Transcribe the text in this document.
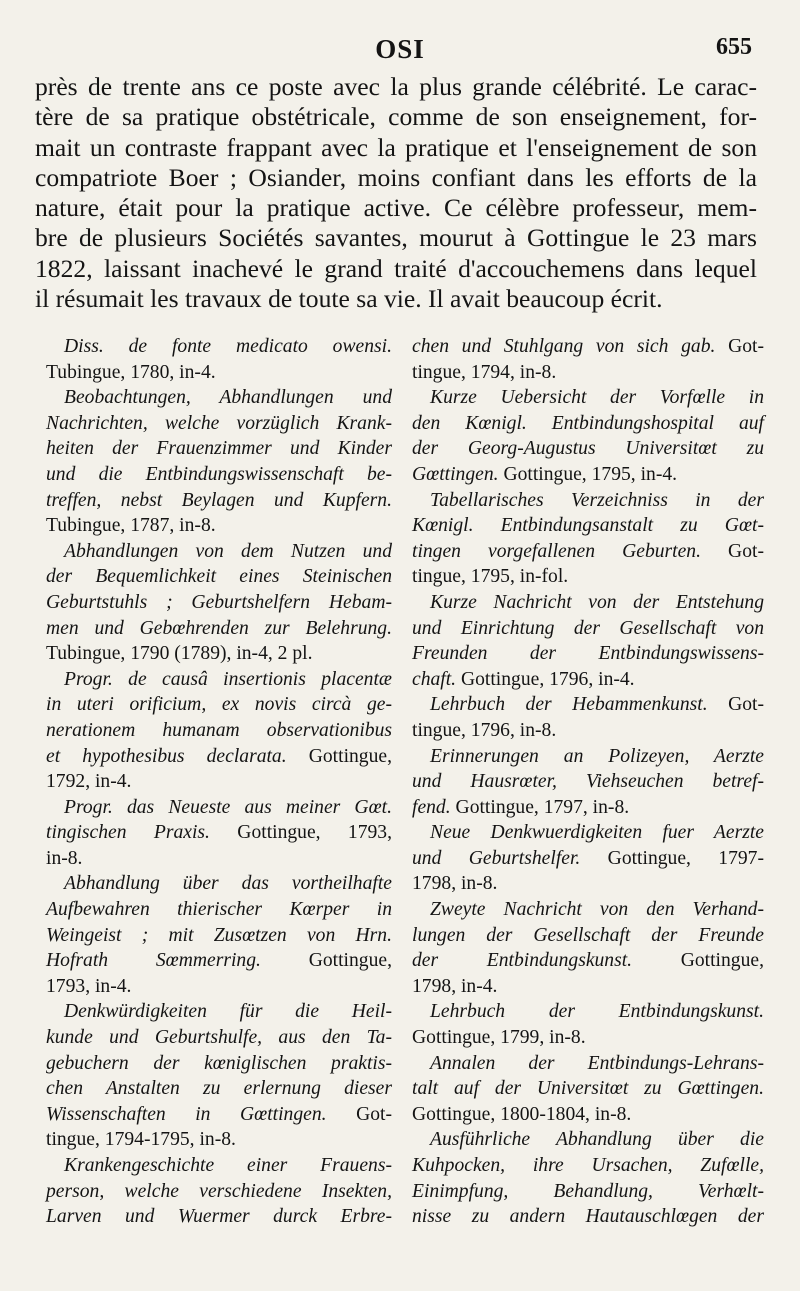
OSI	655
près de trente ans ce poste avec la plus grande célébrité. Le carac-
tère de sa pratique obstétricale, comme de son enseignement, for-
mait un contraste frappant avec la pratique et l'enseignement de son
compatriote Boer ; Osiander, moins confiant dans les efforts de la
nature, était pour la pratique active. Ce célèbre professeur, mem-
bre de plusieurs Sociétés savantes, mourut à Gottingue le 23 mars
1822, laissant inachevé le grand traité d'accouchemens dans lequel
il résumait les travaux de toute sa vie. Il avait beaucoup écrit.
Diss. de fonte medicato owensi.
Tubingue, 1780, in-4.
Beobachtungen, Abhandlungen und
Nachrichten, welche vorzüglich Krank-
heiten der Frauenzimmer und Kinder
und die Entbindungswissenschaft be-
treffen, nebst Beylagen und Kupfern.
Tubingue, 1787, in-8.
Abhandlungen von dem Nutzen und
der Bequemlichkeit eines Steinischen
Geburtstuhls ; Geburtshelfern Hebam-
men und Gebœhrenden zur Belehrung.
Tubingue, 1790 (1789), in-4, 2 pl.
Progr. de causâ insertionis placentæ
in uteri orificium, ex novis circà ge-
nerationem humanam observationibus
et hypothesibus declarata. Gottingue,
1792, in-4.
Progr. das Neueste aus meiner Gœt.
tingischen Praxis. Gottingue, 1793,
in-8.
Abhandlung über das vortheilhafte
Aufbewahren thierischer Kœrper in
Weingeist ; mit Zusœtzen von Hrn.
Hofrath Sœmmerring. Gottingue,
1793, in-4.
Denkwürdigkeiten für die Heil-
kunde und Geburtshulfe, aus den Ta-
gebuchern der kœniglischen praktis-
chen Anstalten zu erlernung dieser
Wissenschaften in Gœttingen. Got-
tingue, 1794-1795, in-8.
Krankengeschichte einer Frauens-
person, welche verschiedene Insekten,
Larven und Wuermer durck Erbre-
chen und Stuhlgang von sich gab. Got-
tingue, 1794, in-8.
Kurze Uebersicht der Vorfœlle in
den Kœnigl. Entbindungshospital auf
der Georg-Augustus Universitœt zu
Gœttingen. Gottingue, 1795, in-4.
Tabellarisches Verzeichniss in der
Kœnigl. Entbindungsanstalt zu Gœt-
tingen vorgefallenen Geburten. Got-
tingue, 1795, in-fol.
Kurze Nachricht von der Entstehung
und Einrichtung der Gesellschaft von
Freunden der Entbindungswissens-
chaft. Gottingue, 1796, in-4.
Lehrbuch der Hebammenkunst. Got-
tingue, 1796, in-8.
Erinnerungen an Polizeyen, Aerzte
und Hausrœter, Viehseuchen betref-
fend. Gottingue, 1797, in-8.
Neue Denkwuerdigkeiten fuer Aerzte
und Geburtshelfer. Gottingue, 1797-
1798, in-8.
Zweyte Nachricht von den Verhand-
lungen der Gesellschaft der Freunde
der Entbindungskunst. Gottingue,
1798, in-4.
Lehrbuch der Entbindungskunst.
Gottingue, 1799, in-8.
Annalen der Entbindungs-Lehrans-
talt auf der Universitœt zu Gœttingen.
Gottingue, 1800-1804, in-8.
Ausführliche Abhandlung über die
Kuhpocken, ihre Ursachen, Zufœlle,
Einimpfung, Behandlung, Verhœlt-
nisse zu andern Hautauschlœgen der
